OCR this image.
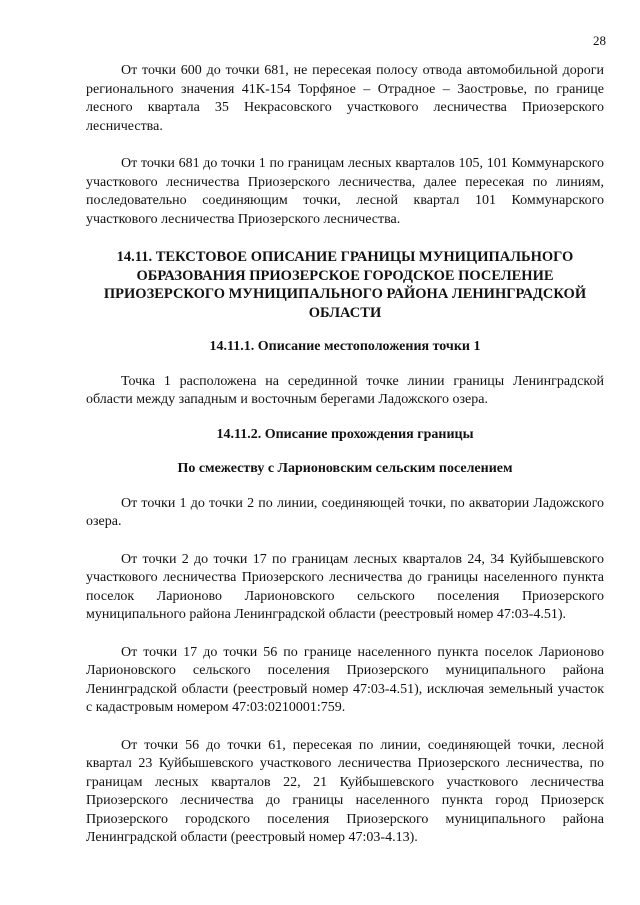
28

От точки 600 до точки 681, не пересекая полосу отвода автомобильной дороги регионального значения 41К-154 Торфяное – Отрадное – Заостровье, по границе лесного квартала 35 Некрасовского участкового лесничества Приозерского лесничества.

От точки 681 до точки 1 по границам лесных кварталов 105, 101 Коммунарского участкового лесничества Приозерского лесничества, далее пересекая по линиям, последовательно соединяющим точки, лесной квартал 101 Коммунарского участкового лесничества Приозерского лесничества.

14.11. ТЕКСТОВОЕ ОПИСАНИЕ ГРАНИЦЫ МУНИЦИПАЛЬНОГО ОБРАЗОВАНИЯ ПРИОЗЕРСКОЕ ГОРОДСКОЕ ПОСЕЛЕНИЕ ПРИОЗЕРСКОГО МУНИЦИПАЛЬНОГО РАЙОНА ЛЕНИНГРАДСКОЙ ОБЛАСТИ
14.11.1. Описание местоположения точки 1

Точка 1 расположена на серединной точке линии границы Ленинградской области между западным и восточным берегами Ладожского озера.

14.11.2. Описание прохождения границы
По смежеству с Ларионовским сельским поселением

От точки 1 до точки 2 по линии, соединяющей точки, по акватории Ладожского озера.

От точки 2 до точки 17 по границам лесных кварталов 24, 34 Куйбышевского участкового лесничества Приозерского лесничества до границы населенного пункта поселок Ларионово Ларионовского сельского поселения Приозерского муниципального района Ленинградской области (реестровый номер 47:03-4.51).

От точки 17 до точки 56 по границе населенного пункта поселок Ларионово Ларионовского сельского поселения Приозерского муниципального района Ленинградской области (реестровый номер 47:03-4.51), исключая земельный участок с кадастровым номером 47:03:0210001:759.

От точки 56 до точки 61, пересекая по линии, соединяющей точки, лесной квартал 23 Куйбышевского участкового лесничества Приозерского лесничества, по границам лесных кварталов 22, 21 Куйбышевского участкового лесничества Приозерского лесничества до границы населенного пункта город Приозерск Приозерского городского поселения Приозерского муниципального района Ленинградской области (реестровый номер 47:03-4.13).
